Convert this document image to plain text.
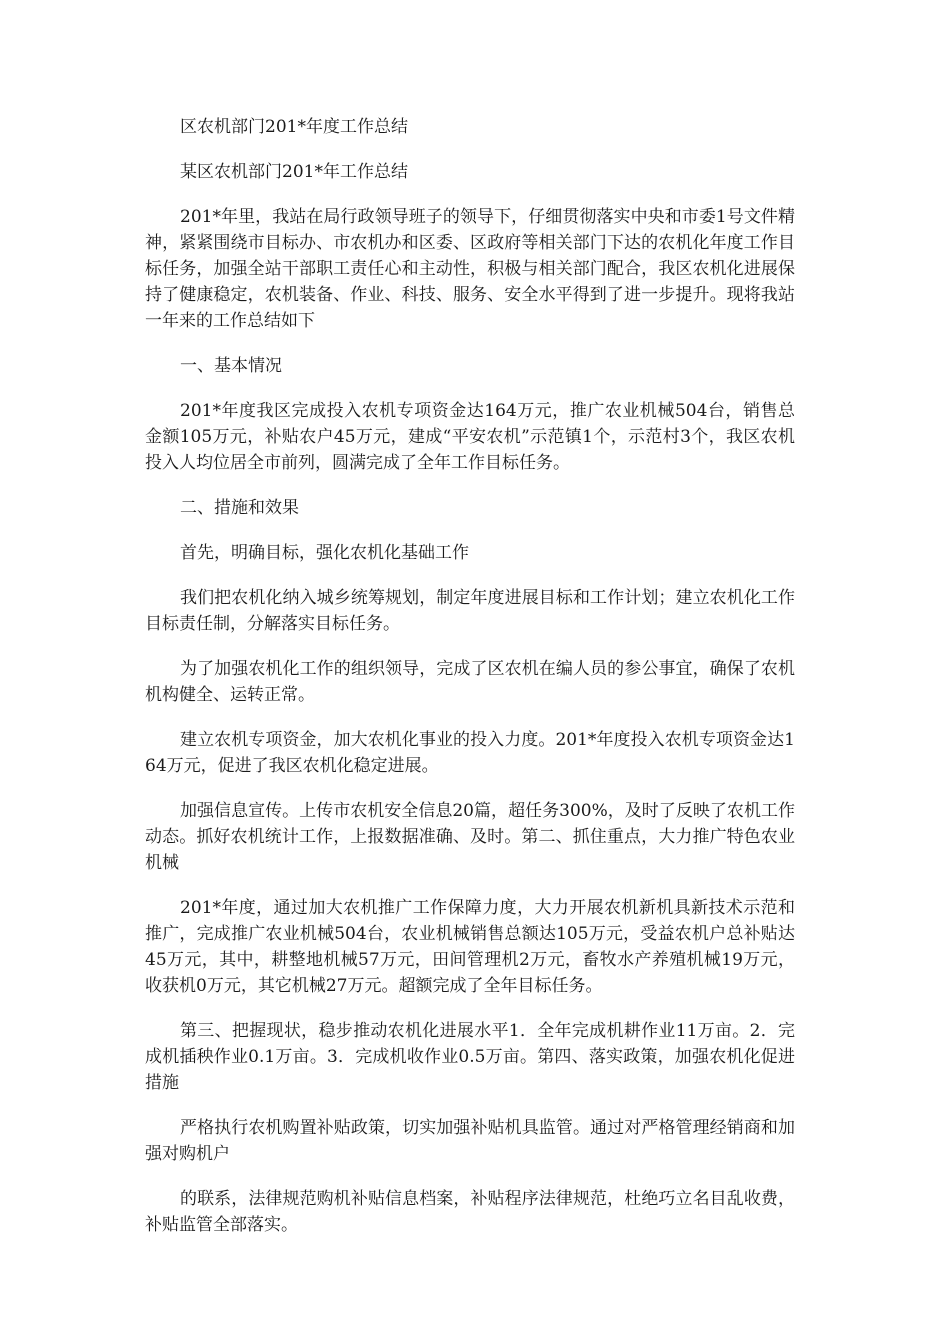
区农机部门201*年度工作总结

某区农机部门201*年工作总结

201*年里，我站在局行政领导班子的领导下，仔细贯彻落实中央和市委1号文件精神，紧紧围绕市目标办、市农机办和区委、区政府等相关部门下达的农机化年度工作目标任务，加强全站干部职工责任心和主动性，积极与相关部门配合，我区农机化进展保持了健康稳定，农机装备、作业、科技、服务、安全水平得到了进一步提升。现将我站一年来的工作总结如下

一、基本情况

201*年度我区完成投入农机专项资金达164万元，推广农业机械504台，销售总金额105万元，补贴农户45万元，建成“平安农机”示范镇1个，示范村3个，我区农机投入人均位居全市前列，圆满完成了全年工作目标任务。

二、措施和效果

首先，明确目标，强化农机化基础工作

我们把农机化纳入城乡统筹规划，制定年度进展目标和工作计划；建立农机化工作目标责任制，分解落实目标任务。

为了加强农机化工作的组织领导，完成了区农机在编人员的参公事宜，确保了农机机构健全、运转正常。

建立农机专项资金，加大农机化事业的投入力度。201*年度投入农机专项资金达164万元，促进了我区农机化稳定进展。

加强信息宣传。上传市农机安全信息20篇，超任务300%，及时了反映了农机工作动态。抓好农机统计工作，上报数据准确、及时。第二、抓住重点，大力推广特色农业机械

201*年度，通过加大农机推广工作保障力度，大力开展农机新机具新技术示范和推广，完成推广农业机械504台，农业机械销售总额达105万元，受益农机户总补贴达45万元，其中，耕整地机械57万元，田间管理机2万元，畜牧水产养殖机械19万元，收获机0万元，其它机械27万元。超额完成了全年目标任务。

第三、把握现状，稳步推动农机化进展水平1．全年完成机耕作业11万亩。2．完成机插秧作业0.1万亩。3．完成机收作业0.5万亩。第四、落实政策，加强农机化促进措施

严格执行农机购置补贴政策，切实加强补贴机具监管。通过对严格管理经销商和加强对购机户

的联系，法律规范购机补贴信息档案，补贴程序法律规范，杜绝巧立名目乱收费，补贴监管全部落实。
